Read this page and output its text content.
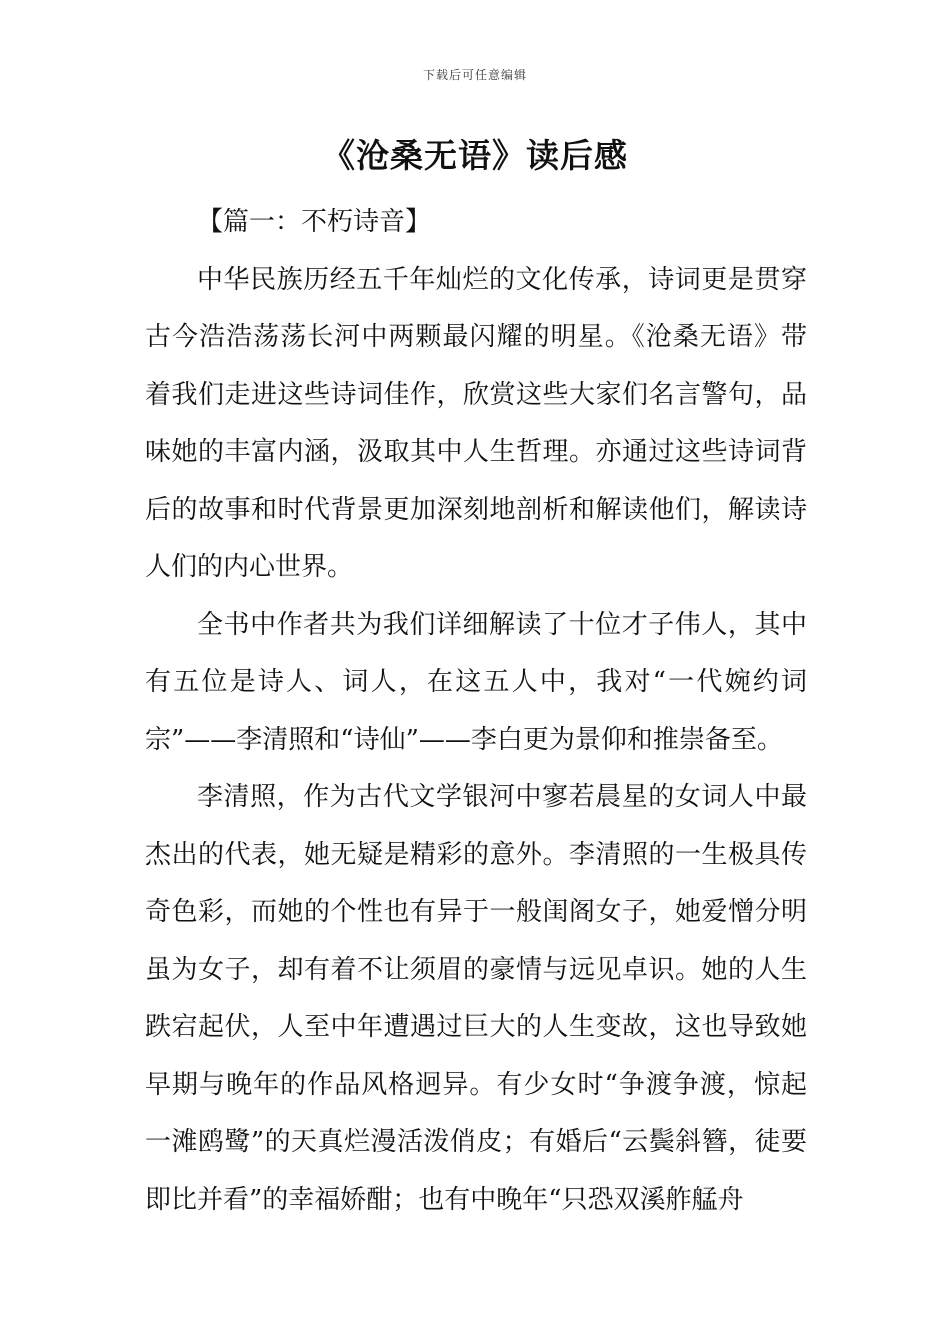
下载后可任意编辑
《沧桑无语》读后感

【篇一：不朽诗音】

中华民族历经五千年灿烂的文化传承，诗词更是贯穿古今浩浩荡荡长河中两颗最闪耀的明星。《沧桑无语》带着我们走进这些诗词佳作，欣赏这些大家们名言警句，品味她的丰富内涵，汲取其中人生哲理。亦通过这些诗词背后的故事和时代背景更加深刻地剖析和解读他们，解读诗人们的内心世界。

全书中作者共为我们详细解读了十位才子伟人，其中有五位是诗人、词人，在这五人中，我对“一代婉约词宗”——李清照和“诗仙”——李白更为景仰和推崇备至。

李清照，作为古代文学银河中寥若晨星的女词人中最杰出的代表，她无疑是精彩的意外。李清照的一生极具传奇色彩，而她的个性也有异于一般闺阁女子，她爱憎分明虽为女子，却有着不让须眉的豪情与远见卓识。她的人生跌宕起伏，人至中年遭遇过巨大的人生变故，这也导致她早期与晚年的作品风格迥异。有少女时“争渡争渡，惊起一滩鸥鹭”的天真烂漫活泼俏皮；有婚后“云鬓斜簪，徒要即比并看”的幸福娇酣；也有中晚年“只恐双溪舴艋舟
